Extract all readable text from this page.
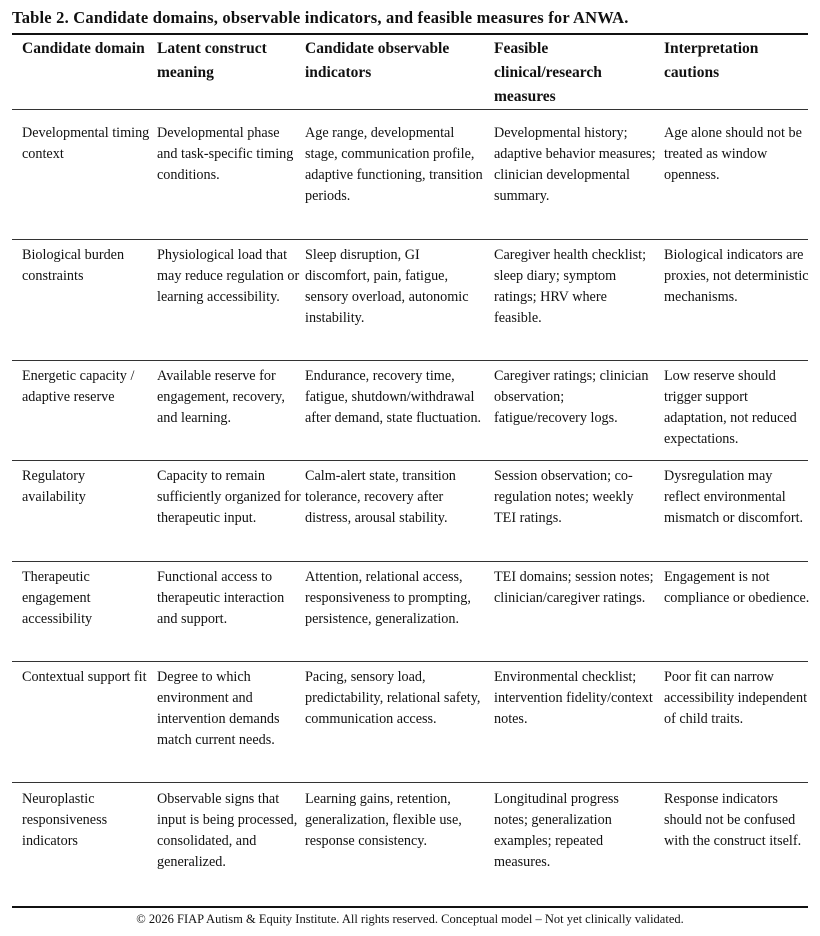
Table 2. Candidate domains, observable indicators, and feasible measures for ANWA.
Candidate domain Latent construct meaning
Candidate observable indicators
Feasible clinical/research measures
Interpretation cautions
Developmental timing context
Developmental phase and task-specific timing conditions.
Age range, developmental stage, communication profile, adaptive functioning, transition periods.
Developmental history; adaptive behavior measures; clinician developmental summary.
Age alone should not be treated as window openness.
Biological burden constraints
Physiological load that may reduce regulation or learning accessibility.
Sleep disruption, GI discomfort, pain, fatigue, sensory overload, autonomic instability.
Caregiver health checklist; sleep diary; symptom ratings; HRV where feasible.
Biological indicators are proxies, not deterministic mechanisms.
Energetic capacity / adaptive reserve
Available reserve for engagement, recovery, and learning.
Endurance, recovery time, fatigue, shutdown/withdrawal after demand, state fluctuation.
Caregiver ratings; clinician observation; fatigue/recovery logs.
Low reserve should trigger support adaptation, not reduced expectations.
Regulatory availability
Capacity to remain sufficiently organized for therapeutic input.
Calm-alert state, transition tolerance, recovery after distress, arousal stability.
Session observation; co-regulation notes; weekly TEI ratings.
Dysregulation may reflect environmental mismatch or discomfort.
Therapeutic engagement accessibility
Functional access to therapeutic interaction and support.
Attention, relational access, responsiveness to prompting, persistence, generalization.
TEI domains; session notes; clinician/caregiver ratings.
Engagement is not compliance or obedience.
Contextual support fit Degree to which environment and intervention demands match current needs.
Pacing, sensory load, predictability, relational safety, communication access.
Environmental checklist; intervention fidelity/context notes.
Poor fit can narrow accessibility independent of child traits.
Neuroplastic responsiveness indicators
Observable signs that input is being processed, consolidated, and generalized.
Learning gains, retention, generalization, flexible use, response consistency.
Longitudinal progress notes; generalization examples; repeated measures.
Response indicators should not be confused with the construct itself.
© 2026 FIAP Autism & Equity Institute. All rights reserved. Conceptual model – Not yet clinically validated.
